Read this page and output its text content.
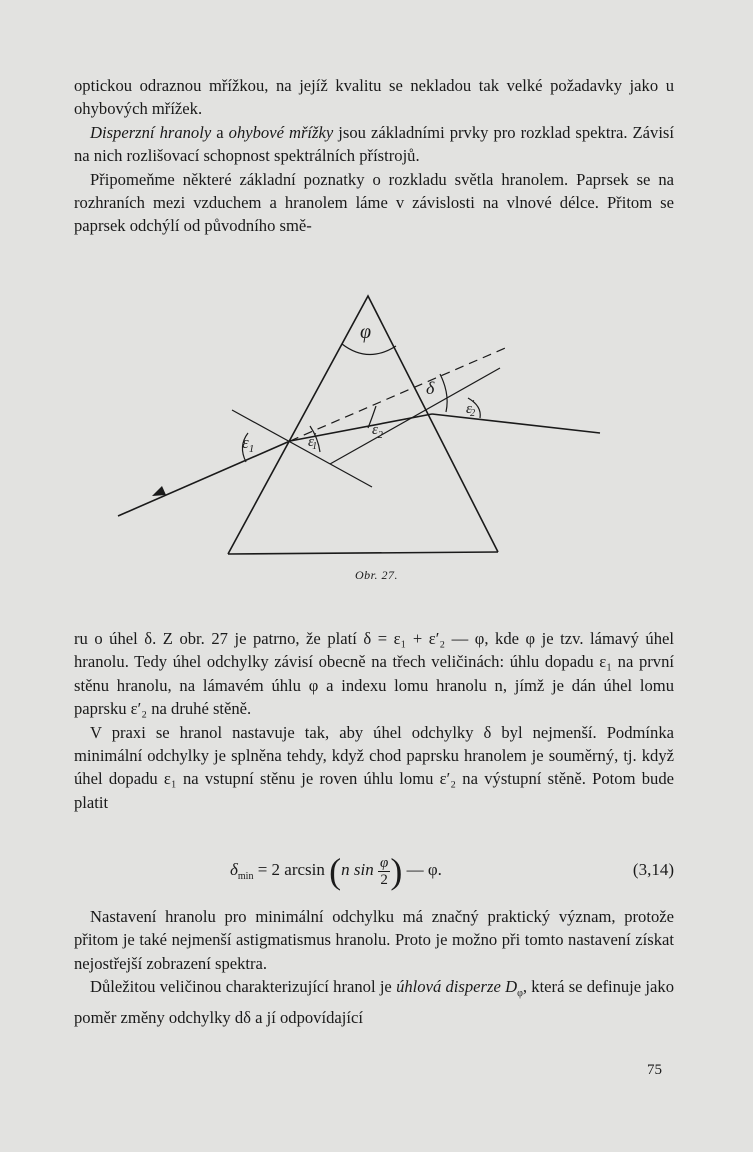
optickou odraznou mřížkou, na jejíž kvalitu se nekladou tak velké požadavky jako u ohybových mřížek.

Disperzní hranoly a ohybové mřížky jsou základními prvky pro rozklad spektra. Závisí na nich rozlišovací schopnost spektrálních přístrojů.

Připomeňme některé základní poznatky o rozkladu světla hranolem. Paprsek se na rozhraních mezi vzduchem a hranolem láme v závislosti na vlnové délce. Přitom se paprsek odchýlí od původního smě-

φ
δ
$\varepsilon_1$	ε′ 1
$\varepsilon_2$
ε′ 2
Obr. 27.

ru o úhel δ. Z obr. 27 je patrno, že platí δ = ε₁ + ε′₂ — φ, kde φ je tzv. lámavý úhel hranolu. Tedy úhel odchylky závisí obecně na třech veličinách: úhlu dopadu ε₁ na první stěnu hranolu, na lámavém úhlu φ a indexu lomu hranolu n, jímž je dán úhel lomu paprsku ε′₂ na druhé stěně.

V praxi se hranol nastavuje tak, aby úhel odchylky δ byl nejmenší. Podmínka minimální odchylky je splněna tehdy, když chod paprsku hranolem je souměrný, tj. když úhel dopadu ε₁ na vstupní stěnu je roven úhlu lomu ε′₂ na výstupní stěně. Potom bude platit

$\delta_{min} = 2$ arcsin (n $\sin \frac{\varphi}{2}$ ) — φ.	(3,14)

Nastavení hranolu pro minimální odchylku má značný praktický význam, protože přitom je také nejmenší astigmatismus hranolu. Proto je možno při tomto nastavení získat nejostřejší zobrazení spektra.

Důležitou veličinou charakterizující hranol je úhlová disperze $D_\varphi$, která se definuje jako poměr změny odchylky dδ a jí odpovídající

75
